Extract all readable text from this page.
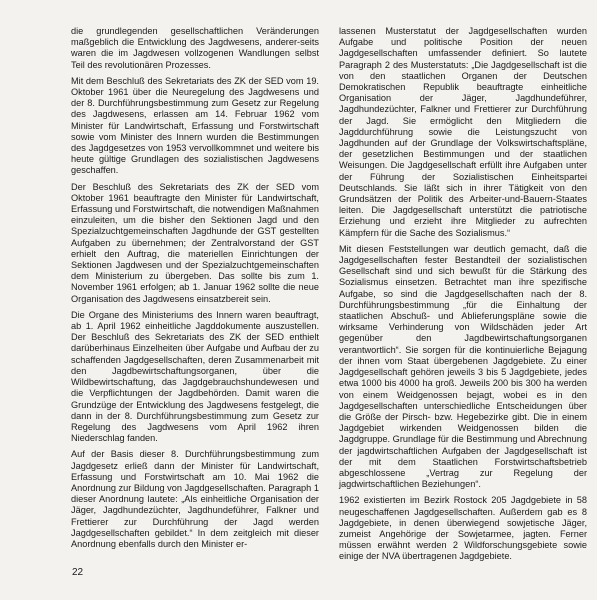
die grundlegenden gesellschaftlichen Veränderungen maßgeblich die Entwicklung des Jagdwesens, anderer-seits waren die im Jagdwesen vollzogenen Wandlungen selbst Teil des revolutionären Prozesses.

Mit dem Beschluß des Sekretariats des ZK der SED vom 19. Oktober 1961 über die Neuregelung des Jagdwesens und der 8. Durchführungsbestimmung zum Gesetz zur Regelung des Jagdwesens, erlassen am 14. Februar 1962 vom Minister für Landwirtschaft, Erfassung und Forstwirtschaft sowie vom Minister des Innern wurden die Bestimmungen des Jagdgesetzes von 1953 vervollkommnet und weitere bis heute gültige Grundlagen des sozialistischen Jagdwesens geschaffen.

Der Beschluß des Sekretariats des ZK der SED vom Oktober 1961 beauftragte den Minister für Landwirtschaft, Erfassung und Forstwirtschaft, die notwendigen Maßnahmen einzuleiten, um die bisher den Sektionen Jagd und den Spezialzuchtgemeinschaften Jagdhunde der GST gestellten Aufgaben zu übernehmen; der Zentralvorstand der GST erhielt den Auftrag, die materiellen Einrichtungen der Sektionen Jagdwesen und der Spezialzuchtgemeinschaften dem Ministerium zu übergeben. Das sollte bis zum 1. November 1961 erfolgen; ab 1. Januar 1962 sollte die neue Organisation des Jagdwesens einsatzbereit sein.

Die Organe des Ministeriums des Innern waren beauftragt, ab 1. April 1962 einheitliche Jagddokumente auszustellen. Der Beschluß des Sekretariats des ZK der SED enthielt darüberhinaus Einzelheiten über Aufgabe und Aufbau der zu schaffenden Jagdgesellschaften, deren Zusammenarbeit mit den Jagdbewirtschaftungsorganen, über die Wildbewirtschaftung, das Jagdgebrauchshundewesen und die Verpflichtungen der Jagdbehörden. Damit waren die Grundzüge der Entwicklung des Jagdwesens festgelegt, die dann in der 8. Durchführungsbestimmung zum Gesetz zur Regelung des Jagdwesens vom April 1962 ihren Niederschlag fanden.

Auf der Basis dieser 8. Durchführungsbestimmung zum Jagdgesetz erließ dann der Minister für Landwirtschaft, Erfassung und Forstwirtschaft am 10. Mai 1962 die Anordnung zur Bildung von Jagdgesellschaften. Paragraph 1 dieser Anordnung lautete: „Als einheitliche Organisation der Jäger, Jagdhundezüchter, Jagdhundeführer, Falkner und Frettierer zur Durchführung der Jagd werden Jagdgesellschaften gebildet.“ In dem zeitgleich mit dieser Anordnung ebenfalls durch den Minister er-

lassenen Musterstatut der Jagdgesellschaften wurden Aufgabe und politische Position der neuen Jagdgesellschaften umfassender definiert. So lautete Paragraph 2 des Musterstatuts: „Die Jagdgesellschaft ist die von den staatlichen Organen der Deutschen Demokratischen Republik beauftragte einheitliche Organisation der Jäger, Jagdhundeführer, Jagdhundezüchter, Falkner und Frettierer zur Durchführung der Jagd. Sie ermöglicht den Mitgliedern die Jagddurchführung sowie die Leistungszucht von Jagdhunden auf der Grundlage der Volkswirtschaftspläne, der gesetzlichen Bestimmungen und der staatlichen Weisungen. Die Jagdgesellschaft erfüllt ihre Aufgaben unter der Führung der Sozialistischen Einheitspartei Deutschlands. Sie läßt sich in ihrer Tätigkeit von den Grundsätzen der Politik des Arbeiter-und-Bauern-Staates leiten. Die Jagdgesellschaft unterstützt die patriotische Erziehung und erzieht ihre Mitglieder zu aufrechten Kämpfern für die Sache des Sozialismus.“

Mit diesen Feststellungen war deutlich gemacht, daß die Jagdgesellschaften fester Bestandteil der sozialistischen Gesellschaft sind und sich bewußt für die Stärkung des Sozialismus einsetzen. Betrachtet man ihre spezifische Aufgabe, so sind die Jagdgesellschaften nach der 8. Durchführungsbestimmung „für die Einhaltung der staatlichen Abschuß- und Ablieferungspläne sowie die wirksame Verhinderung von Wildschäden jeder Art gegenüber den Jagdbewirtschaftungsorganen verantwortlich“. Sie sorgen für die kontinuierliche Bejagung der ihnen vom Staat übergebenen Jagdgebiete. Zu einer Jagdgesellschaft gehören jeweils 3 bis 5 Jagdgebiete, jedes etwa 1000 bis 4000 ha groß. Jeweils 200 bis 300 ha werden von einem Weidgenossen bejagt, wobei es in den Jagdgesellschaften unterschiedliche Entscheidungen über die Größe der Pirsch- bzw. Hegebezirke gibt. Die in einem Jagdgebiet wirkenden Weidgenossen bilden die Jagdgruppe. Grundlage für die Bestimmung und Abrechnung der jagdwirtschaftlichen Aufgaben der Jagdgesellschaft ist der mit dem Staatlichen Forstwirtschaftsbetrieb abgeschlossene „Vertrag zur Regelung der jagdwirtschaftlichen Beziehungen“.

1962 existierten im Bezirk Rostock 205 Jagdgebiete in 58 neugeschaffenen Jagdgesellschaften. Außerdem gab es 8 Jagdgebiete, in denen überwiegend sowjetische Jäger, zumeist Angehörige der Sowjetarmee, jagten. Ferner müssen erwähnt werden 2 Wildforschungsgebiete sowie einige der NVA übertragenen Jagdgebiete.

22
